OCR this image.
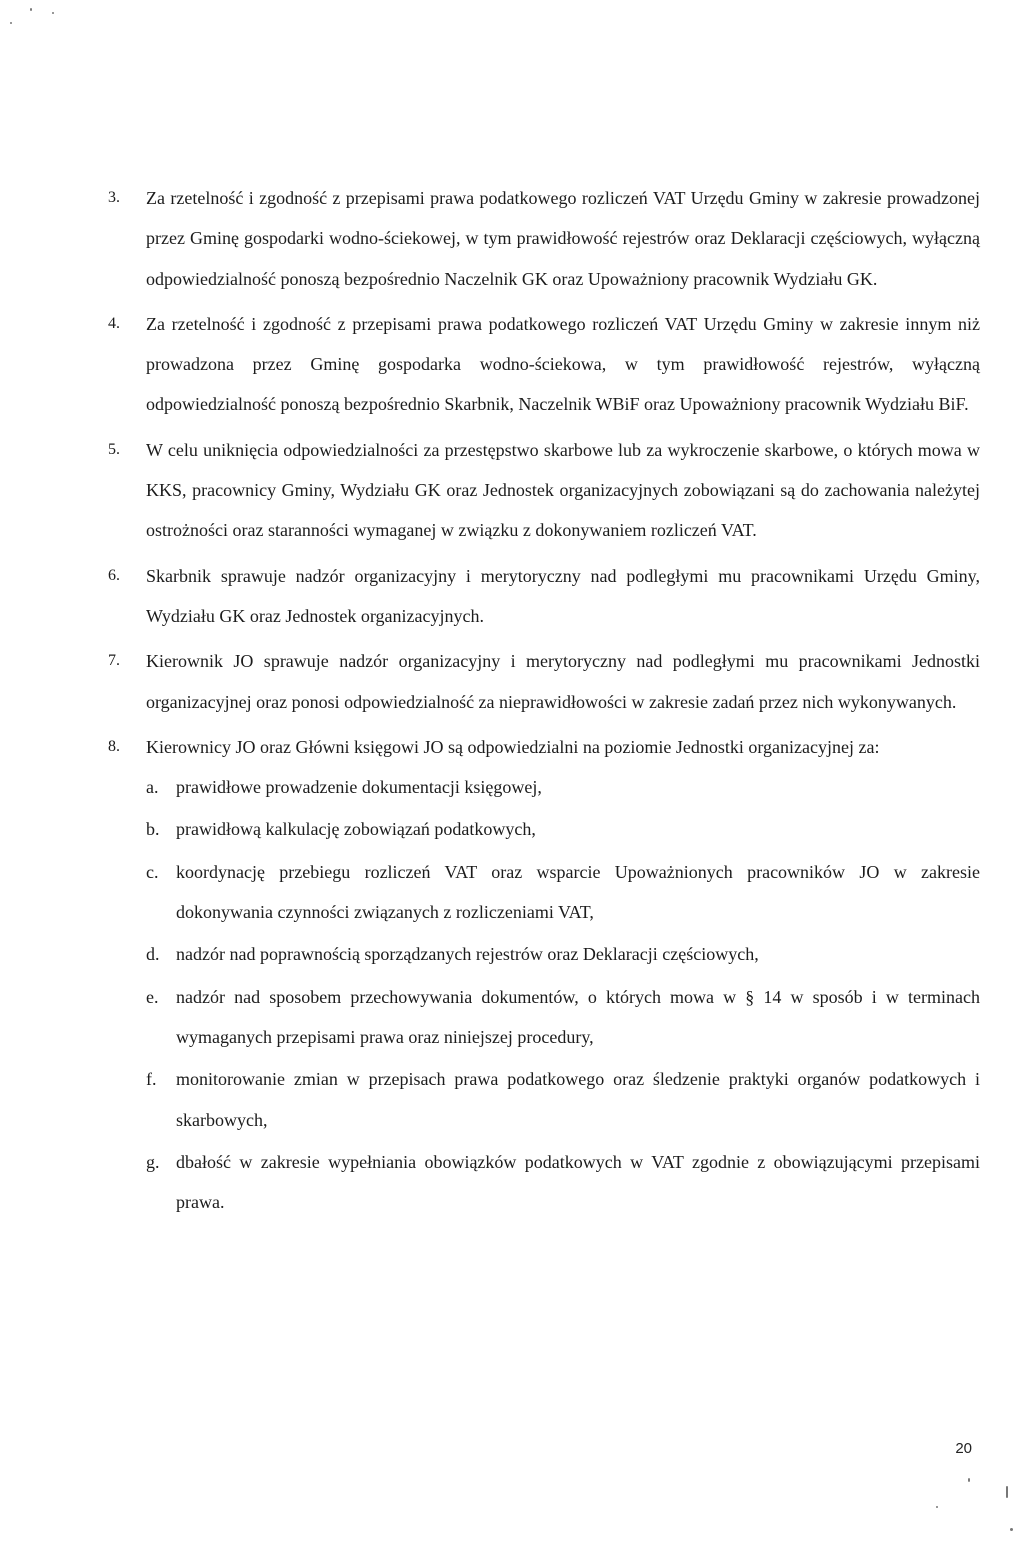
3. Za rzetelność i zgodność z przepisami prawa podatkowego rozliczeń VAT Urzędu Gminy w zakresie prowadzonej przez Gminę gospodarki wodno-ściekowej, w tym prawidłowość rejestrów oraz Deklaracji częściowych, wyłączną odpowiedzialność ponoszą bezpośrednio Naczelnik GK oraz Upoważniony pracownik Wydziału GK.

4. Za rzetelność i zgodność z przepisami prawa podatkowego rozliczeń VAT Urzędu Gminy w zakresie innym niż prowadzona przez Gminę gospodarka wodno-ściekowa, w tym prawidłowość rejestrów, wyłączną odpowiedzialność ponoszą bezpośrednio Skarbnik, Naczelnik WBiF oraz Upoważniony pracownik Wydziału BiF.

5. W celu uniknięcia odpowiedzialności za przestępstwo skarbowe lub za wykroczenie skarbowe, o których mowa w KKS, pracownicy Gminy, Wydziału GK oraz Jednostek organizacyjnych zobowiązani są do zachowania należytej ostrożności oraz staranności wymaganej w związku z dokonywaniem rozliczeń VAT.

6. Skarbnik sprawuje nadzór organizacyjny i merytoryczny nad podległymi mu pracownikami Urzędu Gminy, Wydziału GK oraz Jednostek organizacyjnych.

7. Kierownik JO sprawuje nadzór organizacyjny i merytoryczny nad podległymi mu pracownikami Jednostki organizacyjnej oraz ponosi odpowiedzialność za nieprawidłowości w zakresie zadań przez nich wykonywanych.

8. Kierownicy JO oraz Główni księgowi JO są odpowiedzialni na poziomie Jednostki organizacyjnej za:

a. prawidłowe prowadzenie dokumentacji księgowej,

b. prawidłową kalkulację zobowiązań podatkowych,

c. koordynację przebiegu rozliczeń VAT oraz wsparcie Upoważnionych pracowników JO w zakresie dokonywania czynności związanych z rozliczeniami VAT,

d. nadzór nad poprawnością sporządzanych rejestrów oraz Deklaracji częściowych,

e. nadzór nad sposobem przechowywania dokumentów, o których mowa w § 14 w sposób i w terminach wymaganych przepisami prawa oraz niniejszej procedury,

f. monitorowanie zmian w przepisach prawa podatkowego oraz śledzenie praktyki organów podatkowych i skarbowych,

g. dbałość w zakresie wypełniania obowiązków podatkowych w VAT zgodnie z obowiązującymi przepisami prawa.

20
